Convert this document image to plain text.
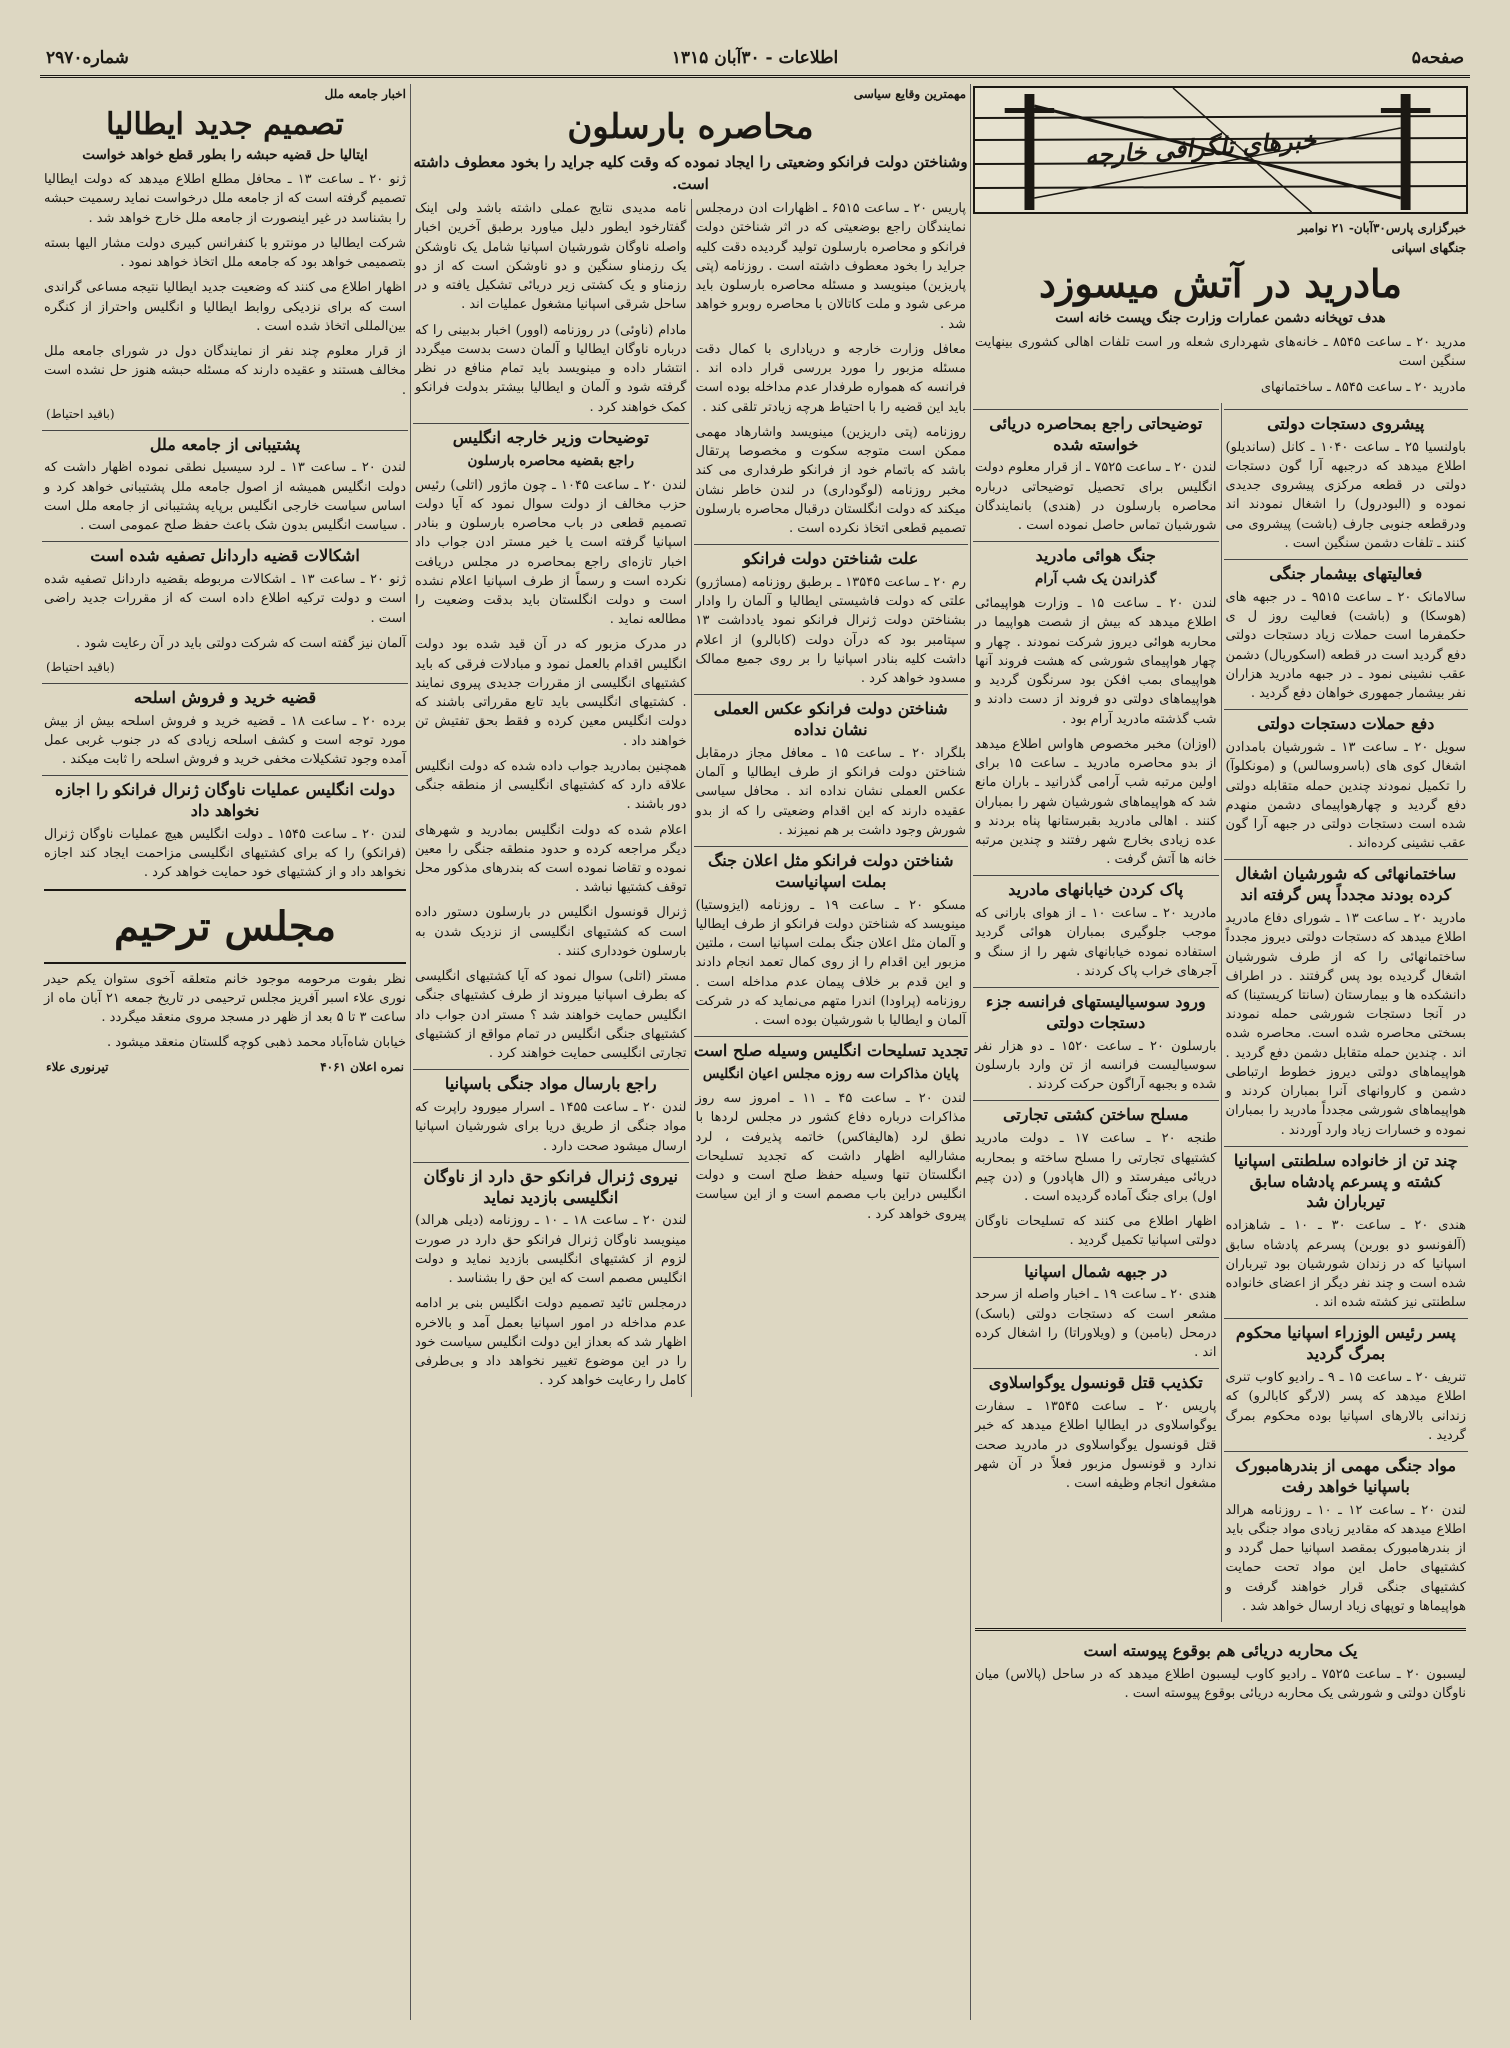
صفحه۵
اطلاعات - ۳۰آبان ۱۳۱۵
شماره۲۹۷۰
خبرهای تلگرافی خارجه
خبرگزاری پارس۳۰آبان- ۲۱ نوامبر
جنگهای اسپانی
مادرید در آتش میسوزد
هدف توپخانه دشمن عمارات وزارت جنگ وپست خانه است

مدرید ۲۰ ـ ساعت ۸۵۴۵ ـ خانه‌های شهرداری شعله ور است تلفات اهالی کشوری بینهایت سنگین است

مادرید ۲۰ ـ ساعت ۸۵۴۵ ـ ساختمانهای

پیشروی دستجات دولتی

باولنسیا ۲۵ ـ ساعت ۱۰۴۰ ـ کانل (ساندیلو) اطلاع میدهد که درجبهه آرا گون دستجات دولتی در قطعه مرکزی پیشروی جدیدی نموده و (البودرول) را اشغال نمودند اند ودرقطعه جنوبی جارف (باشت) پیشروی می کنند ـ تلفات دشمن سنگین است .

فعالیتهای بیشمار جنگی

سالامانک ۲۰ ـ ساعت ۹۵۱۵ ـ در جبهه های (هوسکا) و (باشت) فعالیت روز ل ی حکمفرما است حملات زیاد دستجات دولتی دفع گردید است در قطعه (اسکوریال) دشمن عقب نشینی نمود ـ در جبهه مادرید هزاران نفر بیشمار جمهوری خواهان دفع گردید .

دفع حملات دستجات دولتی

سویل ۲۰ ـ ساعت ۱۳ ـ شورشیان بامدادن اشغال کوی های (باسروسالس) و (مونکلوآ) را تکمیل نمودند چندین حمله متقابله دولتی دفع گردید و چهارهواپیمای دشمن منهدم شده است دستجات دولتی در جبهه آرا گون عقب نشینی کرده‌اند .

ساختمانهائی که شورشیان اشغال کرده بودند مجدداً پس گرفته اند

مادرید ۲۰ ـ ساعت ۱۳ ـ شورای دفاع مادرید اطلاع میدهد که دستجات دولتی دیروز مجدداً ساختمانهائی را که از طرف شورشیان اشغال گردیده بود پس گرفتند . در اطراف دانشکده ها و بیمارستان (سانتا کریستینا) که در آنجا دستجات شورشی حمله نمودند بسختی محاصره شده است. محاصره شده اند . چندین حمله متقابل دشمن دفع گردید . هواپیماهای دولتی دیروز خطوط ارتباطی دشمن و کاروانهای آنرا بمباران کردند و هواپیماهای شورشی مجدداً مادرید را بمباران نموده و خسارات زیاد وارد آوردند .

چند تن از خانواده سلطنتی اسپانیا کشته و پسرعم پادشاه سابق تیرباران شد

هندی ۲۰ ـ ساعت ۳۰ ـ ۱۰ ـ شاهزاده (آلفونسو دو بوربن) پسرعم پادشاه سابق اسپانیا که در زندان شورشیان بود تیرباران شده است و چند نفر دیگر از اعضای خانواده سلطنتی نیز کشته شده اند .

پسر رئیس الوزراء اسپانیا محکوم بمرگ گردید

تنریف ۲۰ ـ ساعت ۱۵ ـ ۹ ـ رادیو کاوب تنری اطلاع میدهد که پسر (لارگو کابالرو) که زندانی بالارهای اسپانیا بوده محکوم بمرگ گردید .

مواد جنگی مهمی از بندرهامبورک باسپانیا خواهد رفت

لندن ۲۰ ـ ساعت ۱۲ ـ ۱۰ ـ روزنامه هرالد اطلاع میدهد که مقادیر زیادی مواد جنگی باید از بندرهامبورک بمقصد اسپانیا حمل گردد و کشتیهای حامل این مواد تحت حمایت کشتیهای جنگی قرار خواهند گرفت و هواپیماها و توپهای زیاد ارسال خواهد شد .

توضیحاتی راجع بمحاصره دریائی خواسته شده

لندن ۲۰ ـ ساعت ۷۵۲۵ ـ از قرار معلوم دولت انگلیس برای تحصیل توضیحاتی درباره محاصره بارسلون در (هندی) بانمایندگان شورشیان تماس حاصل نموده است .

جنگ هوائی مادرید
گذراندن یک شب آرام

لندن ۲۰ ـ ساعت ۱۵ ـ وزارت هواپیمائی اطلاع میدهد که بیش از شصت هواپیما در محاربه هوائی دیروز شرکت نمودند . چهار و چهار هواپیمای شورشی که هشت فروند آنها هواپیمای بمب افکن بود سرنگون گردید و هواپیماهای دولتی دو فروند از دست دادند و شب گذشته مادرید آرام بود .

(اوزان) مخبر مخصوص هاواس اطلاع میدهد از بدو محاصره مادرید ـ ساعت ۱۵ برای اولین مرتبه شب آرامی گذرانید ـ باران مانع شد که هواپیماهای شورشیان شهر را بمباران کنند . اهالی مادرید بقبرستانها پناه بردند و عده زیادی بخارج شهر رفتند و چندین مرتبه خانه ها آتش گرفت .

پاک کردن خیابانهای مادرید

مادرید ۲۰ ـ ساعت ۱۰ ـ از هوای بارانی که موجب جلوگیری بمباران هوائی گردید استفاده نموده خیابانهای شهر را از سنگ و آجرهای خراب پاک کردند .

ورود سوسیالیستهای فرانسه جزء دستجات دولتی

بارسلون ۲۰ ـ ساعت ۱۵۲۰ ـ دو هزار نفر سوسیالیست فرانسه از تن وارد بارسلون شده و بجبهه آراگون حرکت کردند .

مسلح ساختن کشتی تجارتی

طنجه ۲۰ ـ ساعت ۱۷ ـ دولت مادرید کشتیهای تجارتی را مسلح ساخته و بمحاربه دریائی میفرستد و (ال هاپادور) و (دن چیم اول) برای جنگ آماده گردیده است .

اظهار اطلاع می کنند که تسلیحات ناوگان دولتی اسپانیا تکمیل گردید .

در جبهه شمال اسپانیا

هندی ۲۰ ـ ساعت ۱۹ ـ اخبار واصله از سرحد مشعر است که دستجات دولتی (باسک) درمحل (بامبن) و (ویلاوراتا) را اشغال کرده اند .

تکذیب قتل قونسول یوگواسلاوی

پاریس ۲۰ ـ ساعت ۱۳۵۴۵ ـ سفارت یوگواسلاوی در ایطالیا اطلاع میدهد که خبر قتل قونسول یوگواسلاوی در مادرید صحت ندارد و قونسول مزبور فعلاً در آن شهر مشغول انجام وظیفه است .

یک محاربه دریائی هم بوقوع پیوسته است

لیسبون ۲۰ ـ ساعت ۷۵۲۵ ـ رادیو کاوب لیسبون اطلاع میدهد که در ساحل (پالاس) میان ناوگان دولتی و شورشی یک محاربه دریائی بوقوع پیوسته است .

مهمترین وقایع سیاسی
محاصره بارسلون
وشناختن دولت فرانکو وضعیتی را ایجاد نموده که وقت کلیه جراید را بخود معطوف داشته است.

پاریس ۲۰ ـ ساعت ۶۵۱۵ ـ اظهارات ادن درمجلس نمایندگان راجع بوضعیتی که در اثر شناختن دولت فرانکو و محاصره بارسلون تولید گردیده دقت کلیه جراید را بخود معطوف داشته است . روزنامه (پتی پاریزین) مینویسد و مسئله محاصره بارسلون باید مرعی شود و ملت کاتالان با محاصره روبرو خواهد شد .

معافل وزارت خارجه و دریاداری با کمال دقت مسئله مزبور را مورد بررسی قرار داده اند . فرانسه که همواره طرفدار عدم مداخله بوده است باید این قضیه را با احتیاط هرچه زیادتر تلقی کند .

روزنامه (پتی داریزین) مینویسد واشارهاد مهمی ممکن است متوجه سکوت و مخصوصا پرتقال باشد که باتمام خود از فرانکو طرفداری می کند مخبر روزنامه (لوگوداری) در لندن خاطر نشان میکند که دولت انگلستان درقبال محاصره بارسلون تصمیم قطعی اتخاذ نکرده است .

علت شناختن دولت فرانکو

رم ۲۰ ـ ساعت ۱۳۵۴۵ ـ برطبق روزنامه (مساژرو) علتی که دولت فاشیستی ایطالیا و آلمان را وادار بشناختن دولت ژنرال فرانکو نمود یادداشت ۱۳ سپتامبر بود که درآن دولت (کابالرو) از اعلام داشت کلیه بنادر اسپانیا را بر روی جمیع ممالک مسدود خواهد کرد .

شناختن دولت فرانکو عکس العملی نشان نداده

بلگراد ۲۰ ـ ساعت ۱۵ ـ معافل مجاز درمقابل شناختن دولت فرانکو از طرف ایطالیا و آلمان عکس العملی نشان نداده اند . محافل سیاسی عقیده دارند که این اقدام وضعیتی را که از بدو شورش وجود داشت بر هم نمیزند .

شناختن دولت فرانکو مثل اعلان جنگ بملت اسپانیاست

مسکو ۲۰ ـ ساعت ۱۹ ـ روزنامه (ایزوستیا) مینویسد که شناختن دولت فرانکو از طرف ایطالیا و آلمان مثل اعلان جنگ بملت اسپانیا است ، ملتین مزبور این اقدام را از روی کمال تعمد انجام دادند و این قدم بر خلاف پیمان عدم مداخله است . روزنامه (پراودا) اندرا متهم می‌نماید که در شرکت آلمان و ایطالیا با شورشیان بوده است .

تجدید تسلیحات انگلیس وسیله صلح است
پایان مذاکرات سه روزه مجلس اعیان انگلیس

لندن ۲۰ ـ ساعت ۴۵ ـ ۱۱ ـ امروز سه روز مذاکرات درباره دفاع کشور در مجلس لردها با نطق لرد (هالیفاکس) خاتمه پذیرفت ، لرد مشارالیه اظهار داشت که تجدید تسلیحات انگلستان تنها وسیله حفظ صلح است و دولت انگلیس دراین باب مصمم است و از این سیاست پیروی خواهد کرد .

نامه مدیدی نتایج عملی داشته باشد ولی اینک گفتارخود ایطور دلیل میاورد برطبق آخرین اخبار واصله ناوگان شورشیان اسپانیا شامل یک ناوشکن یک رزمناو سنگین و دو ناوشکن است که از دو رزمناو و یک کشتی زیر دریائی تشکیل یافته و در ساحل شرقی اسپانیا مشغول عملیات اند .

مادام (ناوئی) در روزنامه (اوور) اخبار بدبینی را که درباره ناوگان ایطالیا و آلمان دست بدست میگردد انتشار داده و مینویسد باید تمام منافع در نظر گرفته شود و آلمان و ایطالیا بیشتر بدولت فرانکو کمک خواهند کرد .

توضیحات وزیر خارجه انگلیس
راجع بقضیه محاصره بارسلون

لندن ۲۰ ـ ساعت ۱۰۴۵ ـ چون ماژور (اتلی) رئیس حزب مخالف از دولت سوال نمود که آیا دولت تصمیم قطعی در باب محاصره بارسلون و بنادر اسپانیا گرفته است یا خیر مستر ادن جواب داد اخبار تازه‌ای راجع بمحاصره در مجلس دریافت نکرده است و رسماً از طرف اسپانیا اعلام نشده است و دولت انگلستان باید بدقت وضعیت را مطالعه نماید .

در مدرک مزبور که در آن قید شده بود دولت انگلیس اقدام بالعمل نمود و مبادلات فرقی که باید کشتیهای انگلیسی از مقررات جدیدی پیروی نمایند . کشتیهای انگلیسی باید تابع مقرراتی باشند که دولت انگلیس معین کرده و فقط بحق تفتیش تن خواهند داد .

همچنین بمادرید جواب داده شده که دولت انگلیس علاقه دارد که کشتیهای انگلیسی از منطقه جنگی دور باشند .

اعلام شده که دولت انگلیس بمادرید و شهرهای دیگر مراجعه کرده و حدود منطقه جنگی را معین نموده و تقاضا نموده است که بندرهای مذکور محل توقف کشتیها نباشد .

ژنرال قونسول انگلیس در بارسلون دستور داده است که کشتیهای انگلیسی از نزدیک شدن به بارسلون خودداری کنند .

مستر (اتلی) سوال نمود که آیا کشتیهای انگلیسی که بطرف اسپانیا میروند از طرف کشتیهای جنگی انگلیس حمایت خواهند شد ؟ مستر ادن جواب داد کشتیهای جنگی انگلیس در تمام مواقع از کشتیهای تجارتی انگلیسی حمایت خواهند کرد .

راجع بارسال مواد جنگی باسپانیا

لندن ۲۰ ـ ساعت ۱۴۵۵ ـ اسرار میورود راپرت که مواد جنگی از طریق دریا برای شورشیان اسپانیا ارسال میشود صحت دارد .

نیروی ژنرال فرانکو حق دارد از ناوگان انگلیسی بازدید نماید

لندن ۲۰ ـ ساعت ۱۸ ـ ۱۰ ـ روزنامه (دیلی هرالد) مینویسد ناوگان ژنرال فرانکو حق دارد در صورت لزوم از کشتیهای انگلیسی بازدید نماید و دولت انگلیس مصمم است که این حق را بشناسد .

درمجلس تائید تصمیم دولت انگلیس بنی بر ادامه عدم مداخله در امور اسپانیا بعمل آمد و بالاخره اظهار شد که بعداز این دولت انگلیس سیاست خود را در این موضوع تغییر نخواهد داد و بی‌طرفی کامل را رعایت خواهد کرد .

اخبار جامعه ملل
تصمیم جدید ایطالیا
ایتالیا حل قضیه حبشه را بطور قطع خواهد خواست

ژنو ۲۰ ـ ساعت ۱۳ ـ محافل مطلع اطلاع میدهد که دولت ایطالیا تصمیم گرفته است که از جامعه ملل درخواست نماید رسمیت حبشه را بشناسد در غیر اینصورت از جامعه ملل خارج خواهد شد .

شرکت ایطالیا در مونترو با کنفرانس کبیری دولت مشار الیها بسته بتصمیمی خواهد بود که جامعه ملل اتخاذ خواهد نمود .

اظهار اطلاع می کنند که وضعیت جدید ایطالیا نتیجه مساعی گراندی است که برای نزدیکی روابط ایطالیا و انگلیس واحتراز از کنگره بین‌المللی اتخاذ شده است .

از قرار معلوم چند نفر از نمایندگان دول در شورای جامعه ملل مخالف هستند و عقیده دارند که مسئله حبشه هنوز حل نشده است .

(باقید احتیاط)
پشتیبانی از جامعه ملل

لندن ۲۰ ـ ساعت ۱۳ ـ لرد سیسیل نطقی نموده اظهار داشت که دولت انگلیس همیشه از اصول جامعه ملل پشتیبانی خواهد کرد و اساس سیاست خارجی انگلیس برپایه پشتیبانی از جامعه ملل است . سیاست انگلیس بدون شک باعث حفظ صلح عمومی است .

اشکالات قضیه داردانل تصفیه شده است

ژنو ۲۰ ـ ساعت ۱۳ ـ اشکالات مربوطه بقضیه داردانل تصفیه شده است و دولت ترکیه اطلاع داده است که از مقررات جدید راضی است .

آلمان نیز گفته است که شرکت دولتی باید در آن رعایت شود .

(باقید احتیاط)
قضیه خرید و فروش اسلحه

برده ۲۰ ـ ساعت ۱۸ ـ قضیه خرید و فروش اسلحه بیش از بیش مورد توجه است و کشف اسلحه زیادی که در جنوب غربی عمل آمده وجود تشکیلات مخفی خرید و فروش اسلحه را ثابت میکند .

دولت انگلیس عملیات ناوگان ژنرال فرانکو را اجازه نخواهد داد

لندن ۲۰ ـ ساعت ۱۵۴۵ ـ دولت انگلیس هیچ عملیات ناوگان ژنرال (فرانکو) را که برای کشتیهای انگلیسی مزاحمت ایجاد کند اجازه نخواهد داد و از کشتیهای خود حمایت خواهد کرد .

مجلس ترحیم

نظر بفوت مرحومه موجود خانم متعلقه آخوی ستوان یکم حیدر نوری علاء اسبر آفریز مجلس ترحیمی در تاریخ جمعه ۲۱ آبان ماه از ساعت ۳ تا ۵ بعد از ظهر در مسجد مروی منعقد میگردد .

خیابان شاه‌آباد محمد ذهبی کوچه گلستان منعقد میشود .

نمره اعلان ۴۰۶۱
تیرنوری علاء
